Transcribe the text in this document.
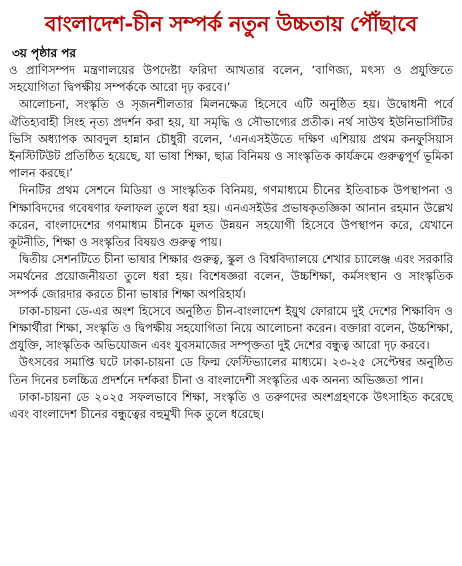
বাংলাদেশ-চীন সম্পর্ক নতুন উচ্চতায় পৌঁছাবে
৩য় পৃষ্ঠার পর

ও প্রাণিসম্পদ মন্ত্রণালয়ের উপদেষ্টা ফরিদা আখতার বলেন, ‘বাণিজ্য, মৎস্য ও প্রযুক্তিতে সহযোগিতা দ্বিপক্ষীয় সম্পর্ককে আরো দৃঢ় করবে।’

আলোচনা, সংস্কৃতি ও সৃজনশীলতার মিলনক্ষেত্র হিসেবে এটি অনুষ্ঠিত হয়। উদ্বোধনী পর্বে ঐতিহ্যবাহী সিংহ নৃত্য প্রদর্শন করা হয়, যা সমৃদ্ধি ও সৌভাগ্যের প্রতীক। নর্থ সাউথ ইউনিভার্সিটির ভিসি অধ্যাপক আবদুল হান্নান চৌধুরী বলেন, ‘এনএসইউতে দক্ষিণ এশিয়ায় প্রথম কনফুসিয়াস ইনস্টিটিউট প্রতিষ্ঠিত হয়েছে, যা ভাষা শিক্ষা, ছাত্র বিনিময় ও সাংস্কৃতিক কার্যক্রমে গুরুত্বপূর্ণ ভূমিকা পালন করছে।’

দিনটির প্রথম সেশনে মিডিয়া ও সাংস্কৃতিক বিনিময়, গণমাধ্যমে চীনের ইতিবাচক উপস্থাপনা ও শিক্ষাবিদদের গবেষণার ফলাফল তুলে ধরা হয়। এনএসইউর প্রভাষকৃতজ্ঞিকা আনান রহমান উল্লেখ করেন, বাংলাদেশের গণমাধ্যম চীনকে মূলত উন্নয়ন সহযোগী হিসেবে উপস্থাপন করে, যেখানে কূটনীতি, শিক্ষা ও সংস্কৃতির বিষয়ও গুরুত্ব পায়।

দ্বিতীয় সেশনটিতে চীনা ভাষার শিক্ষার গুরুত্ব, স্কুল ও বিশ্ববিদ্যালয়ে শেখার চ্যালেঞ্জ এবং সরকারি সমর্থনের প্রয়োজনীয়তা তুলে ধরা হয়। বিশেষজ্ঞরা বলেন, উচ্চশিক্ষা, কর্মসংস্থান ও সাংস্কৃতিক সম্পর্ক জোরদার করতে চীনা ভাষার শিক্ষা অপরিহার্য।

ঢাকা-চায়না ডে-এর অংশ হিসেবে অনুষ্ঠিত চীন-বাংলাদেশ ইয়ুথ ফোরামে দুই দেশের শিক্ষাবিদ ও শিক্ষার্থীরা শিক্ষা, সংস্কৃতি ও দ্বিপক্ষীয় সহযোগিতা নিয়ে আলোচনা করেন। বক্তারা বলেন, উচ্চশিক্ষা, প্রযুক্তি, সাংস্কৃতিক অভিযোজন এবং যুবসমাজের সম্পৃক্ততা দুই দেশের বন্ধুত্ব আরো দৃঢ় করবে।

উৎসবের সমাপ্তি ঘটে ঢাকা-চায়না ডে ফিল্ম ফেস্টিভ্যালের মাধ্যমে। ২৩-২৫ সেপ্টেম্বর অনুষ্ঠিত তিন দিনের চলচ্চিত্র প্রদর্শনে দর্শকরা চীনা ও বাংলাদেশী সংস্কৃতির এক অনন্য অভিজ্ঞতা পান।

ঢাকা-চায়না ডে ২০২৫ সফলভাবে শিক্ষা, সংস্কৃতি ও তরুণদের অংশগ্রহণকে উৎসাহিত করেছে এবং বাংলাদেশ চীনের বন্ধুত্বের বহুমুখী দিক তুলে ধরেছে।
